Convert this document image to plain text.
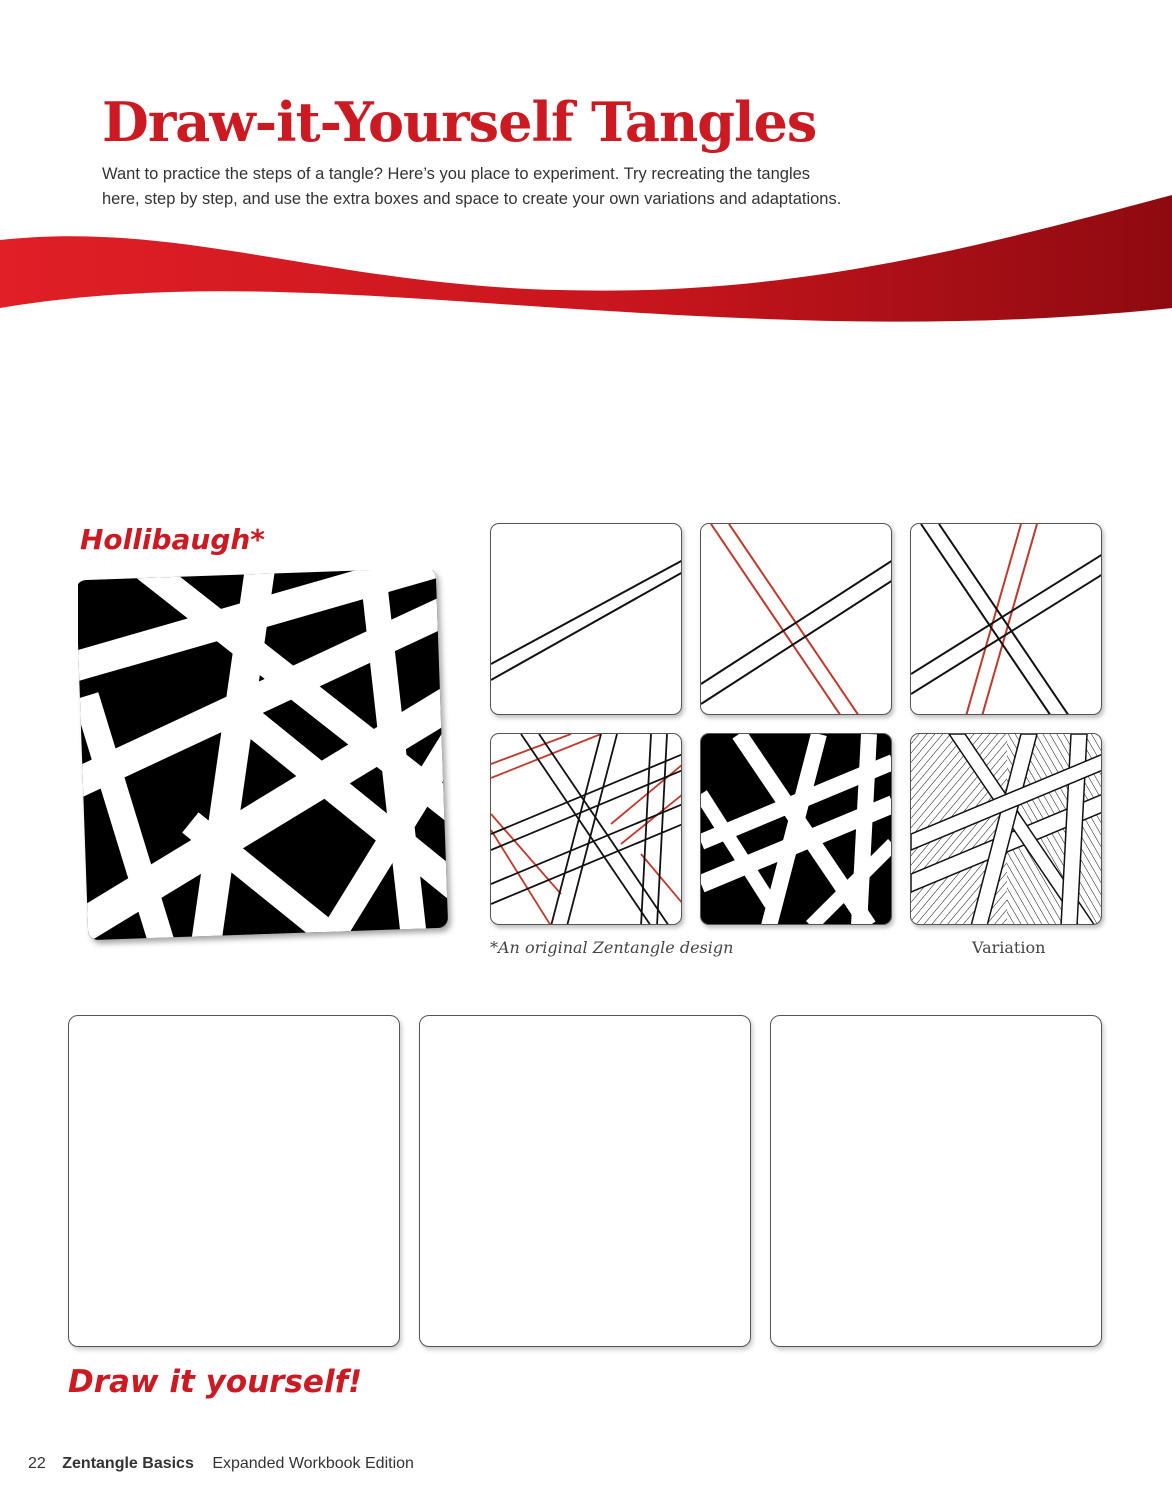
Draw-it-Yourself Tangles

Want to practice the steps of a tangle? Here’s you place to experiment. Try recreating the tangles here, step by step, and use the extra boxes and space to create your own variations and adaptations.

Hollibaugh*
*An original Zentangle design	Variation
Draw it yourself!
22 Zentangle Basics Expanded Workbook Edition
